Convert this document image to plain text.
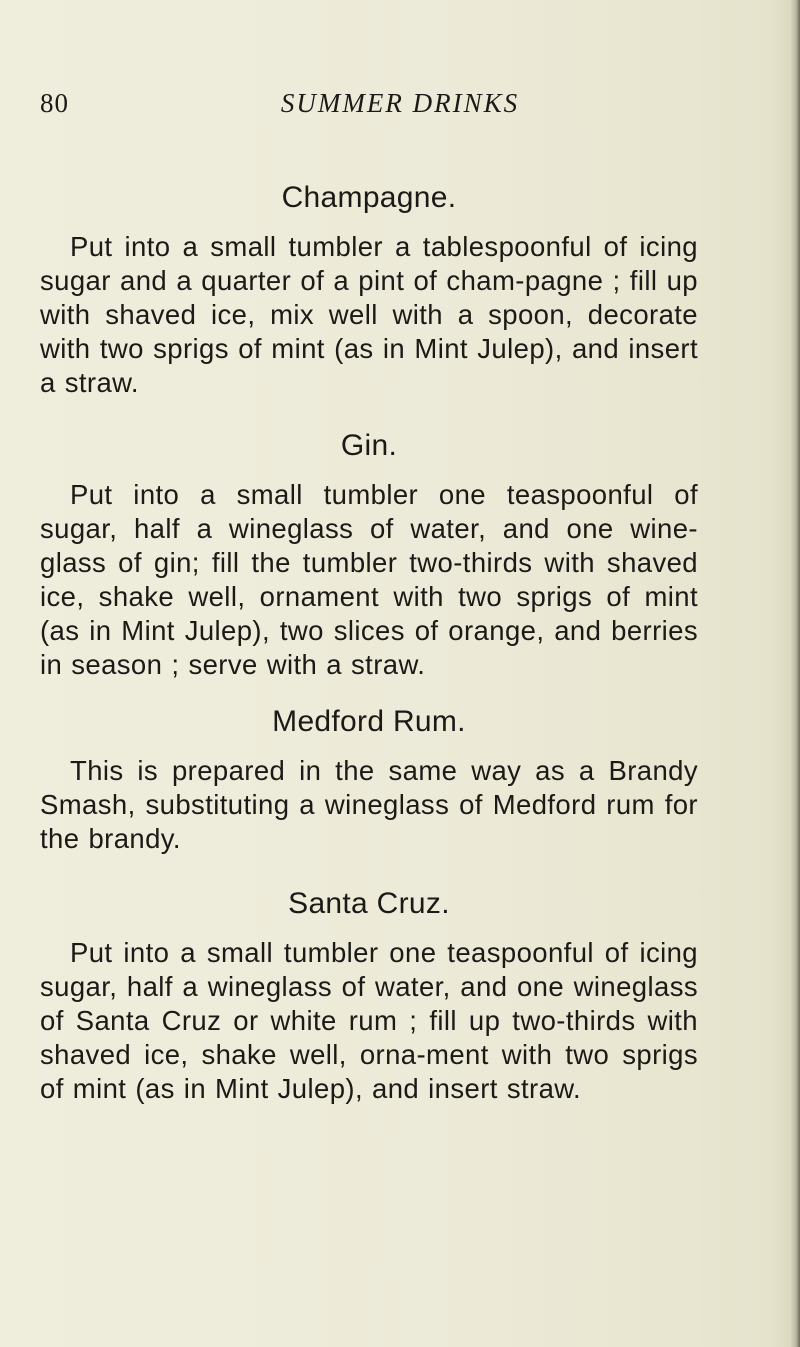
80	SUMMER DRINKS
Champagne.

Put into a small tumbler a tablespoonful of icing sugar and a quarter of a pint of cham-pagne ; fill up with shaved ice, mix well with a spoon, decorate with two sprigs of mint (as in Mint Julep), and insert a straw.

Gin.

Put into a small tumbler one teaspoonful of sugar, half a wineglass of water, and one wine-glass of gin; fill the tumbler two-thirds with shaved ice, shake well, ornament with two sprigs of mint (as in Mint Julep), two slices of orange, and berries in season ; serve with a straw.

Medford Rum.

This is prepared in the same way as a Brandy Smash, substituting a wineglass of Medford rum for the brandy.

Santa Cruz.

Put into a small tumbler one teaspoonful of icing sugar, half a wineglass of water, and one wineglass of Santa Cruz or white rum ; fill up two-thirds with shaved ice, shake well, orna-ment with two sprigs of mint (as in Mint Julep), and insert straw.
